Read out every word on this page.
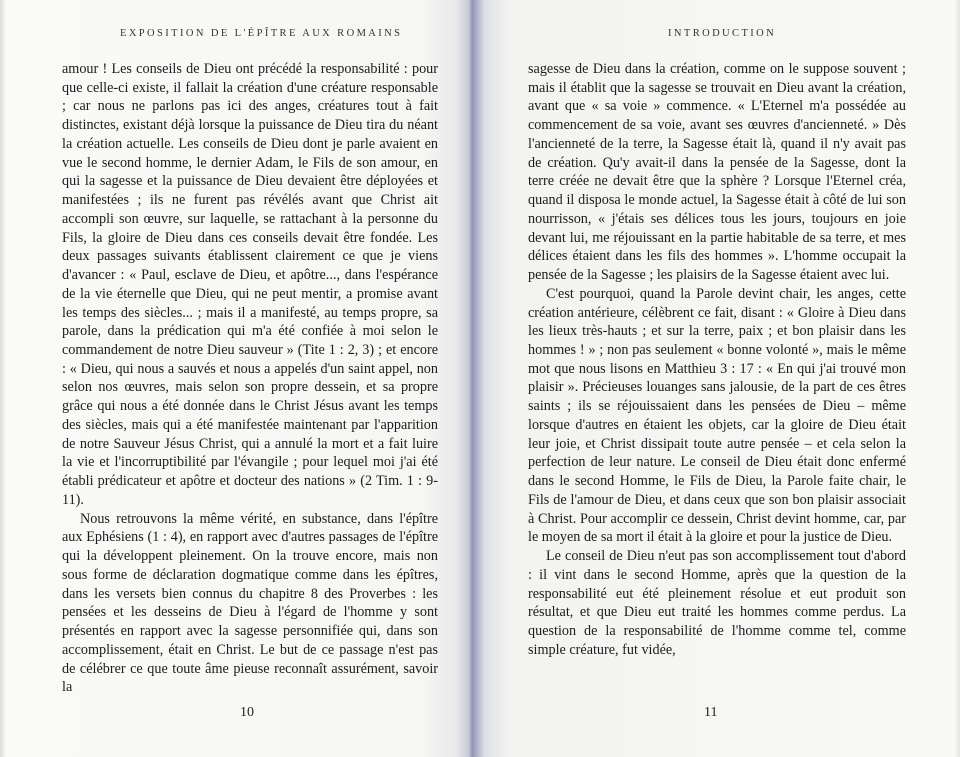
EXPOSITION DE L'ÉPÎTRE AUX ROMAINS

amour ! Les conseils de Dieu ont précédé la responsabilité : pour que celle-ci existe, il fallait la création d'une créature responsable ; car nous ne parlons pas ici des anges, créatures tout à fait distinctes, existant déjà lorsque la puissance de Dieu tira du néant la création actuelle. Les conseils de Dieu dont je parle avaient en vue le second homme, le dernier Adam, le Fils de son amour, en qui la sagesse et la puissance de Dieu devaient être déployées et manifestées ; ils ne furent pas révélés avant que Christ ait accompli son œuvre, sur laquelle, se rattachant à la personne du Fils, la gloire de Dieu dans ces conseils devait être fondée. Les deux passages suivants établissent clairement ce que je viens d'avancer : « Paul, esclave de Dieu, et apôtre..., dans l'espérance de la vie éternelle que Dieu, qui ne peut mentir, a promise avant les temps des siècles... ; mais il a manifesté, au temps propre, sa parole, dans la prédication qui m'a été confiée à moi selon le commandement de notre Dieu sauveur » (Tite 1 : 2, 3) ; et encore : « Dieu, qui nous a sauvés et nous a appelés d'un saint appel, non selon nos œuvres, mais selon son propre dessein, et sa propre grâce qui nous a été donnée dans le Christ Jésus avant les temps des siècles, mais qui a été manifestée maintenant par l'apparition de notre Sauveur Jésus Christ, qui a annulé la mort et a fait luire la vie et l'incorruptibilité par l'évangile ; pour lequel moi j'ai été établi prédicateur et apôtre et docteur des nations » (2 Tim. 1 : 9-11).

Nous retrouvons la même vérité, en substance, dans l'épître aux Ephésiens (1 : 4), en rapport avec d'autres passages de l'épître qui la développent pleinement. On la trouve encore, mais non sous forme de déclaration dogmatique comme dans les épîtres, dans les versets bien connus du chapitre 8 des Proverbes : les pensées et les desseins de Dieu à l'égard de l'homme y sont présentés en rapport avec la sagesse personnifiée qui, dans son accomplissement, était en Christ. Le but de ce passage n'est pas de célébrer ce que toute âme pieuse reconnaît assurément, savoir la

10
INTRODUCTION

sagesse de Dieu dans la création, comme on le suppose souvent ; mais il établit que la sagesse se trouvait en Dieu avant la création, avant que « sa voie » commence. « L'Eternel m'a possédée au commencement de sa voie, avant ses œuvres d'ancienneté. » Dès l'ancienneté de la terre, la Sagesse était là, quand il n'y avait pas de création. Qu'y avait-il dans la pensée de la Sagesse, dont la terre créée ne devait être que la sphère ? Lorsque l'Eternel créa, quand il disposa le monde actuel, la Sagesse était à côté de lui son nourrisson, « j'étais ses délices tous les jours, toujours en joie devant lui, me réjouissant en la partie habitable de sa terre, et mes délices étaient dans les fils des hommes ». L'homme occupait la pensée de la Sagesse ; les plaisirs de la Sagesse étaient avec lui.

C'est pourquoi, quand la Parole devint chair, les anges, cette création antérieure, célèbrent ce fait, disant : « Gloire à Dieu dans les lieux très-hauts ; et sur la terre, paix ; et bon plaisir dans les hommes ! » ; non pas seulement « bonne volonté », mais le même mot que nous lisons en Matthieu 3 : 17 : « En qui j'ai trouvé mon plaisir ». Précieuses louanges sans jalousie, de la part de ces êtres saints ; ils se réjouissaient dans les pensées de Dieu – même lorsque d'autres en étaient les objets, car la gloire de Dieu était leur joie, et Christ dissipait toute autre pensée – et cela selon la perfection de leur nature. Le conseil de Dieu était donc enfermé dans le second Homme, le Fils de Dieu, la Parole faite chair, le Fils de l'amour de Dieu, et dans ceux que son bon plaisir associait à Christ. Pour accomplir ce dessein, Christ devint homme, car, par le moyen de sa mort il était à la gloire et pour la justice de Dieu.

Le conseil de Dieu n'eut pas son accomplissement tout d'abord : il vint dans le second Homme, après que la question de la responsabilité eut été pleinement résolue et eut produit son résultat, et que Dieu eut traité les hommes comme perdus. La question de la responsabilité de l'homme comme tel, comme simple créature, fut vidée,

11
